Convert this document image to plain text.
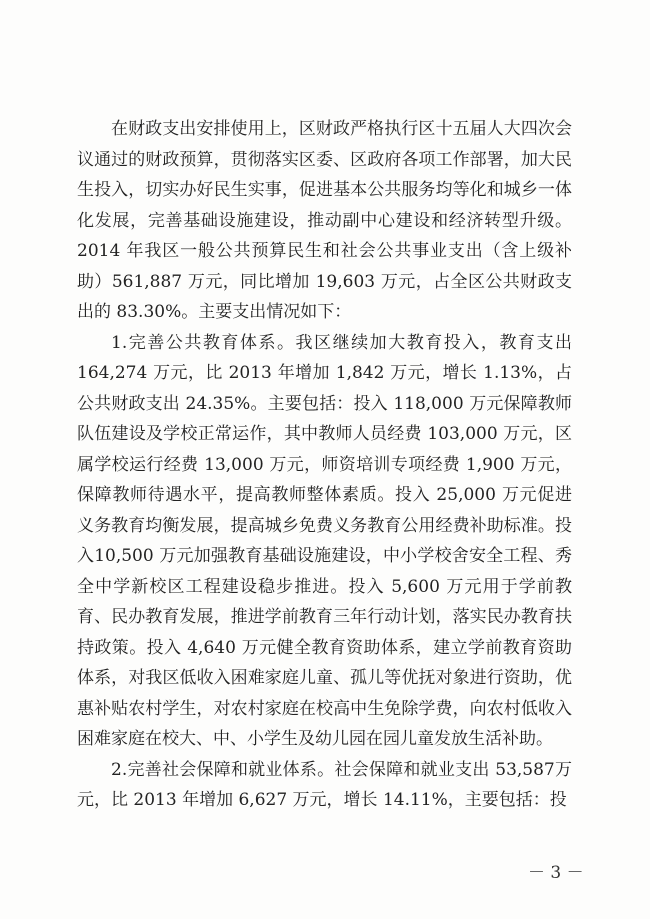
在财政支出安排使用上，区财政严格执行区十五届人大四次会议通过的财政预算，贯彻落实区委、区政府各项工作部署，加大民生投入，切实办好民生实事，促进基本公共服务均等化和城乡一体化发展，完善基础设施建设，推动副中心建设和经济转型升级。2014 年我区一般公共预算民生和社会公共事业支出（含上级补助）561,887 万元，同比增加 19,603 万元，占全区公共财政支出的 83.30%。主要支出情况如下：

1.完善公共教育体系。我区继续加大教育投入，教育支出164,274 万元，比 2013 年增加 1,842 万元，增长 1.13%，占公共财政支出 24.35%。主要包括：投入 118,000 万元保障教师队伍建设及学校正常运作，其中教师人员经费 103,000 万元，区属学校运行经费 13,000 万元，师资培训专项经费 1,900 万元，保障教师待遇水平，提高教师整体素质。投入 25,000 万元促进义务教育均衡发展，提高城乡免费义务教育公用经费补助标准。投入10,500 万元加强教育基础设施建设，中小学校舍安全工程、秀全中学新校区工程建设稳步推进。投入 5,600 万元用于学前教育、民办教育发展，推进学前教育三年行动计划，落实民办教育扶持政策。投入 4,640 万元健全教育资助体系，建立学前教育资助体系，对我区低收入困难家庭儿童、孤儿等优抚对象进行资助，优惠补贴农村学生，对农村家庭在校高中生免除学费，向农村低收入困难家庭在校大、中、小学生及幼儿园在园儿童发放生活补助。

2.完善社会保障和就业体系。社会保障和就业支出 53,587万元，比 2013 年增加 6,627 万元，增长 14.11%，主要包括：投

－ 3 －
